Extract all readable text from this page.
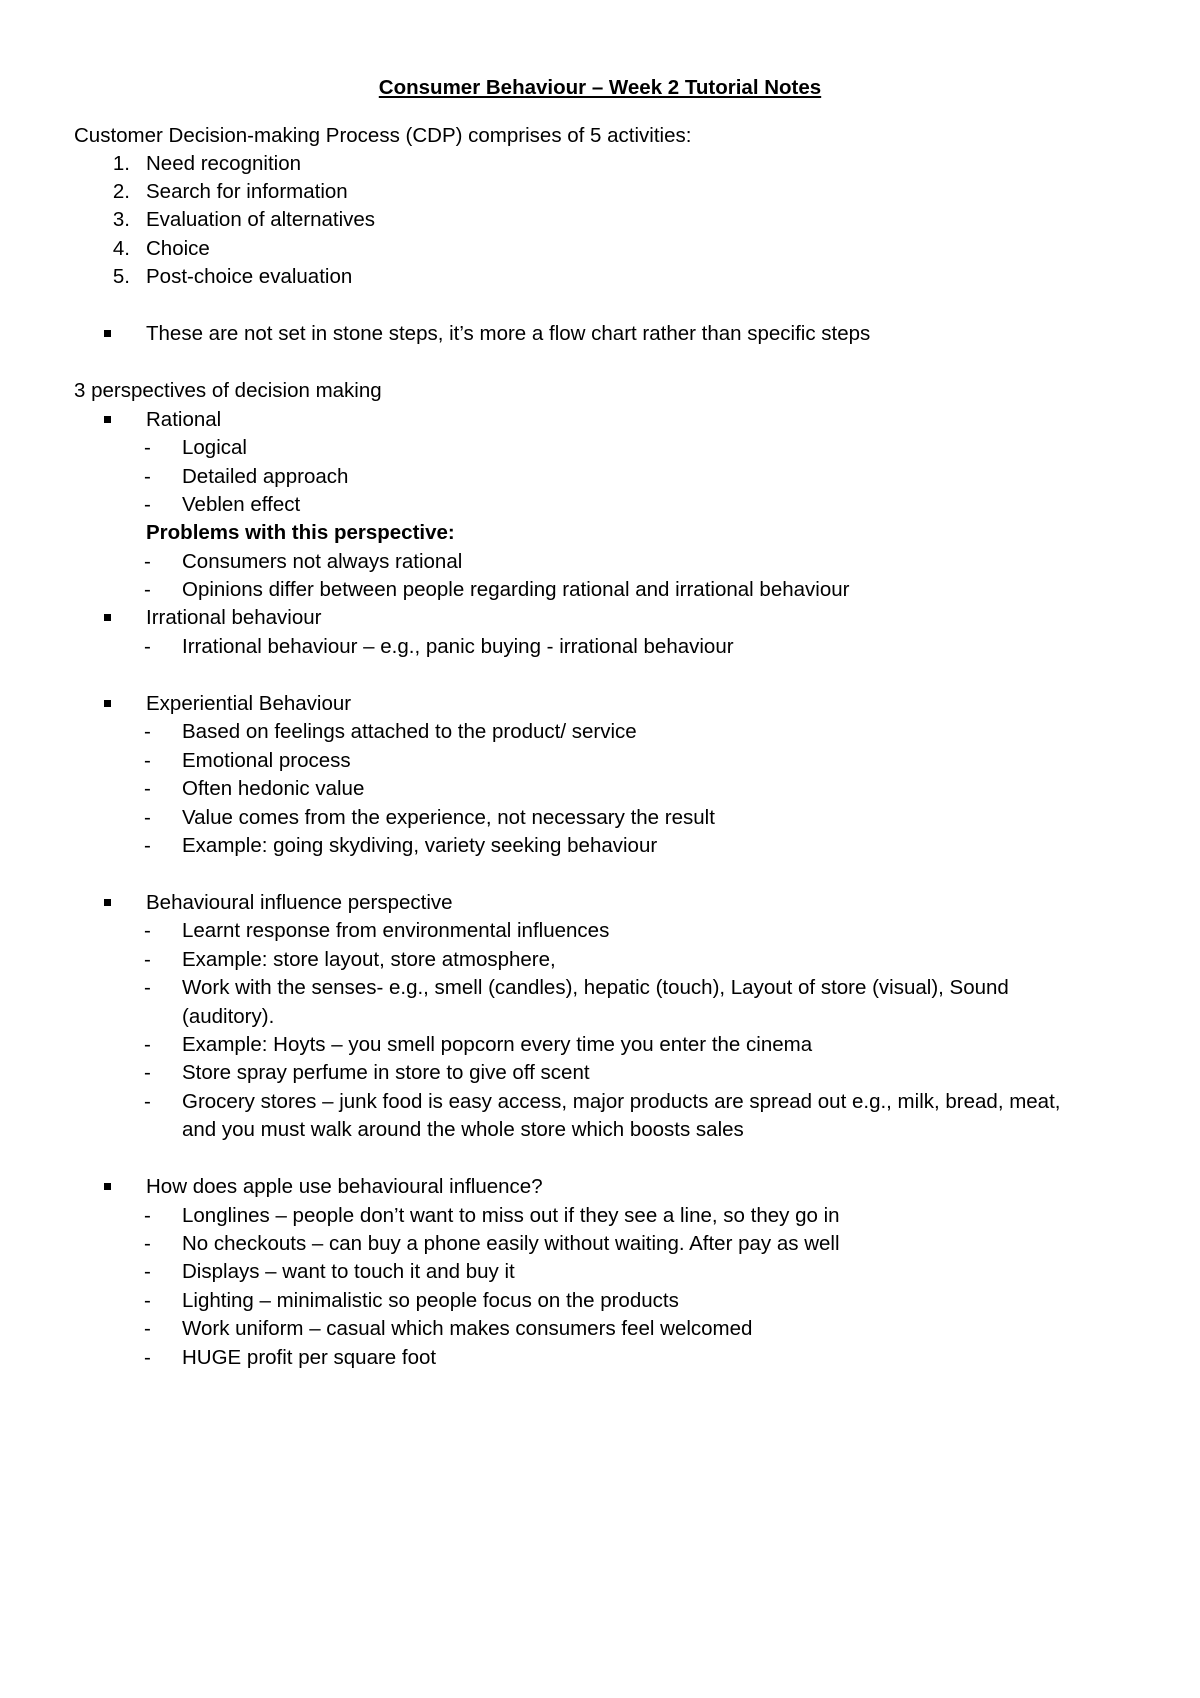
Consumer Behaviour – Week 2 Tutorial Notes
Customer Decision-making Process (CDP) comprises of 5 activities:
1. Need recognition
2. Search for information
3. Evaluation of alternatives
4. Choice
5. Post-choice evaluation
These are not set in stone steps, it’s more a flow chart rather than specific steps
3 perspectives of decision making
Rational
- Logical
- Detailed approach
- Veblen effect
Problems with this perspective:
- Consumers not always rational
- Opinions differ between people regarding rational and irrational behaviour
Irrational behaviour
- Irrational behaviour – e.g., panic buying - irrational behaviour
Experiential Behaviour
- Based on feelings attached to the product/ service
- Emotional process
- Often hedonic value
- Value comes from the experience, not necessary the result
- Example: going skydiving, variety seeking behaviour
Behavioural influence perspective
- Learnt response from environmental influences
- Example: store layout, store atmosphere,
- Work with the senses- e.g., smell (candles), hepatic (touch), Layout of store (visual), Sound
(auditory).
- Example: Hoyts – you smell popcorn every time you enter the cinema
- Store spray perfume in store to give off scent
- Grocery stores – junk food is easy access, major products are spread out e.g., milk, bread, meat,
and you must walk around the whole store which boosts sales
How does apple use behavioural influence?
- Longlines – people don’t want to miss out if they see a line, so they go in
- No checkouts – can buy a phone easily without waiting. After pay as well
- Displays – want to touch it and buy it
- Lighting – minimalistic so people focus on the products
- Work uniform – casual which makes consumers feel welcomed
- HUGE profit per square foot
